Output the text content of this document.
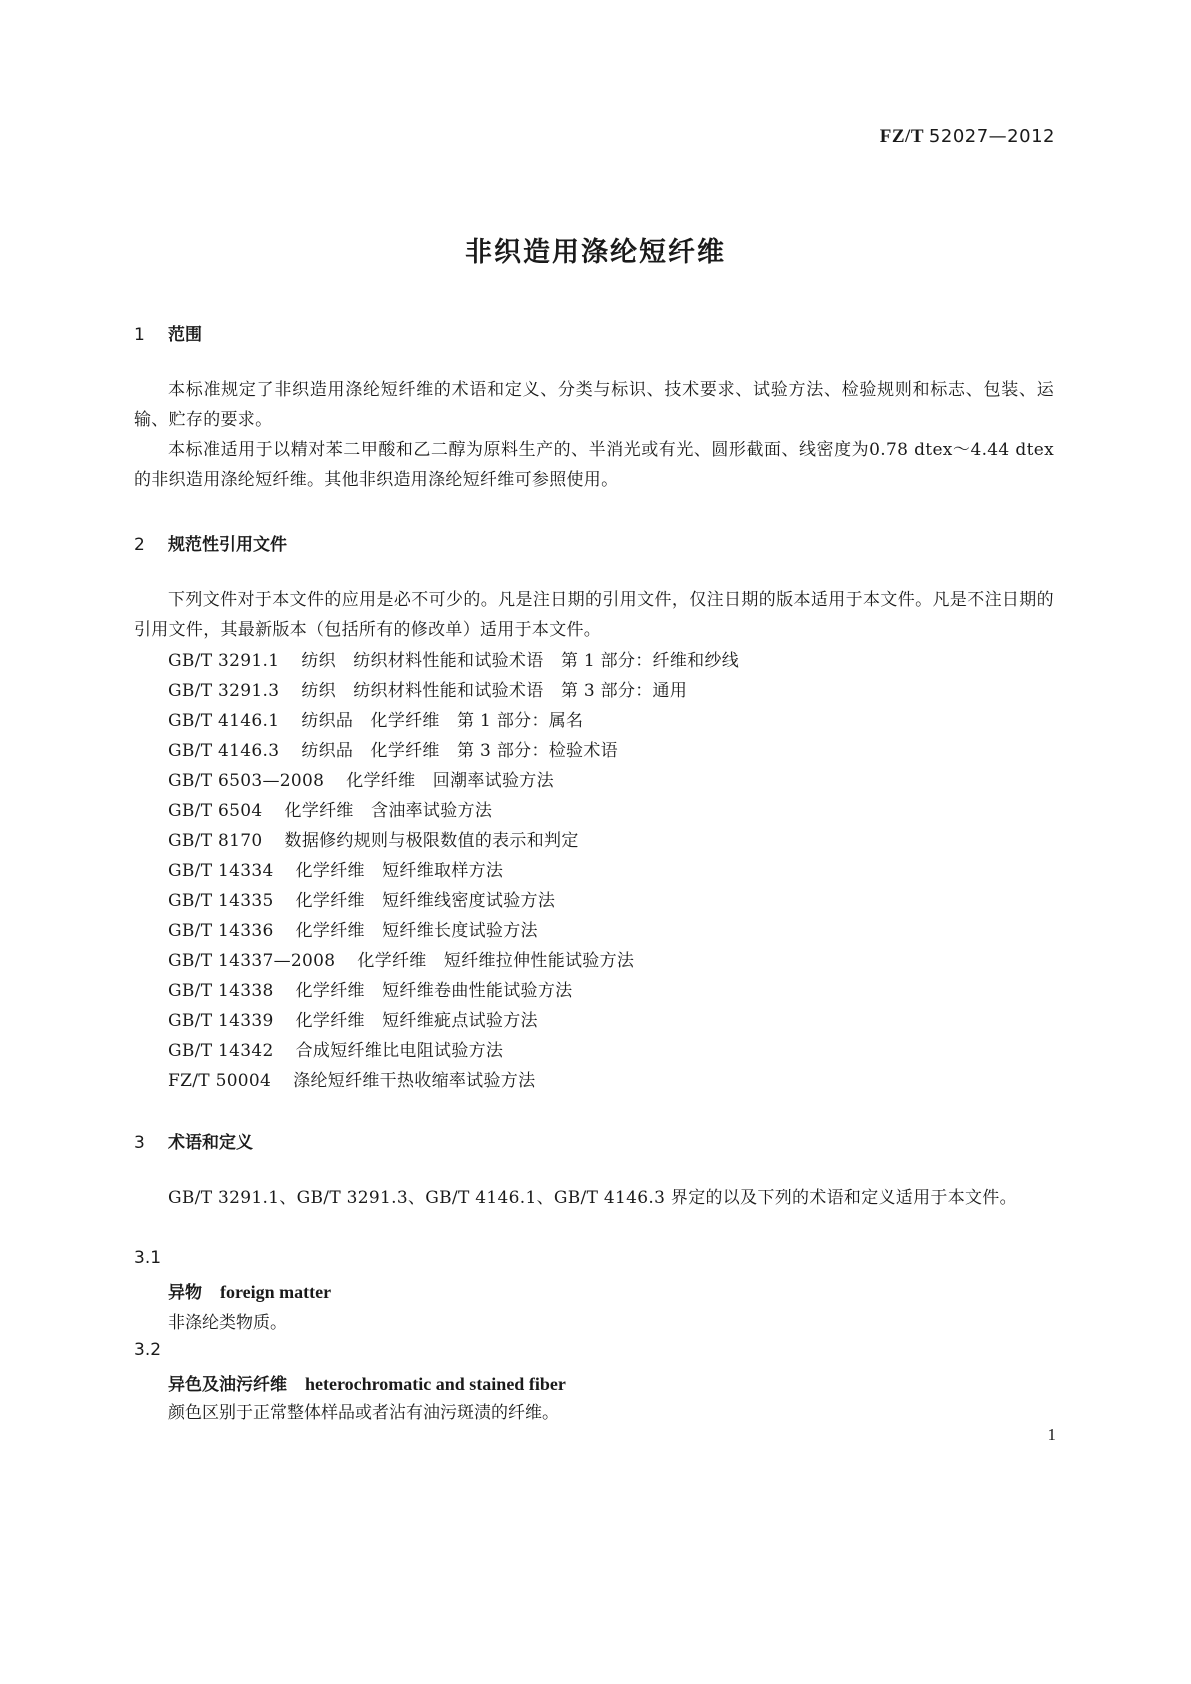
FZ/T 52027—2012
非织造用涤纶短纤维
1 范围

本标准规定了非织造用涤纶短纤维的术语和定义、分类与标识、技术要求、试验方法、检验规则和标志、包装、运输、贮存的要求。

本标准适用于以精对苯二甲酸和乙二醇为原料生产的、半消光或有光、圆形截面、线密度为0.78 dtex～4.44 dtex 的非织造用涤纶短纤维。其他非织造用涤纶短纤维可参照使用。

2 规范性引用文件

下列文件对于本文件的应用是必不可少的。凡是注日期的引用文件，仅注日期的版本适用于本文件。凡是不注日期的引用文件，其最新版本（包括所有的修改单）适用于本文件。

GB/T 3291.1 纺织　纺织材料性能和试验术语　第 1 部分：纤维和纱线
GB/T 3291.3 纺织　纺织材料性能和试验术语　第 3 部分：通用
GB/T 4146.1 纺织品　化学纤维　第 1 部分：属名
GB/T 4146.3 纺织品　化学纤维　第 3 部分：检验术语
GB/T 6503—2008 化学纤维　回潮率试验方法
GB/T 6504 化学纤维　含油率试验方法
GB/T 8170 数据修约规则与极限数值的表示和判定
GB/T 14334 化学纤维　短纤维取样方法
GB/T 14335 化学纤维　短纤维线密度试验方法
GB/T 14336 化学纤维　短纤维长度试验方法
GB/T 14337—2008 化学纤维　短纤维拉伸性能试验方法
GB/T 14338 化学纤维　短纤维卷曲性能试验方法
GB/T 14339 化学纤维　短纤维疵点试验方法
GB/T 14342 合成短纤维比电阻试验方法
FZ/T 50004 涤纶短纤维干热收缩率试验方法
3 术语和定义

GB/T 3291.1、GB/T 3291.3、GB/T 4146.1、GB/T 4146.3 界定的以及下列的术语和定义适用于本文件。

3.1
异物 foreign matter

非涤纶类物质。

3.2
异色及油污纤维 heterochromatic and stained fiber

颜色区别于正常整体样品或者沾有油污斑渍的纤维。

1
